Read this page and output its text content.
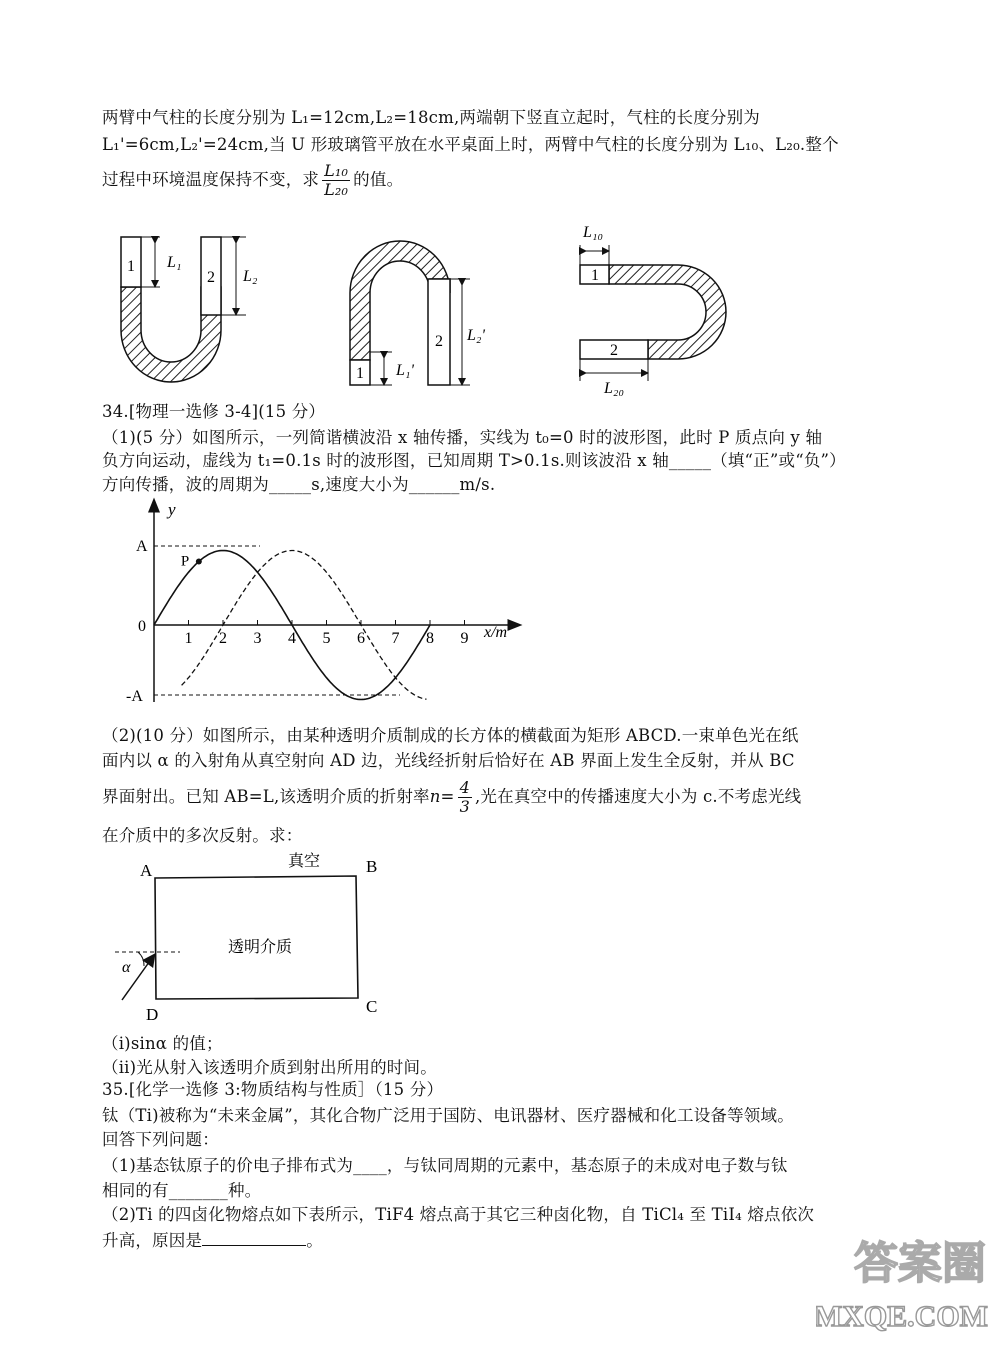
两臂中气柱的长度分别为 L₁=12cm,L₂=18cm,两端朝下竖直立起时，气柱的长度分别为
L₁'=6cm,L₂'=24cm,当 U 形玻璃管平放在水平桌面上时，两臂中气柱的长度分别为 L₁₀、L₂₀.整个
过程中环境温度保持不变，求 $\frac{\text{L₁₀}}{\text{L₂₀}}$ 的值。
1
2
L₁
L₂
1
2
L₁'
L₂'
1
2
L₁₀
L₂₀
34.[物理一选修 3-4](15 分）
（1)(5 分）如图所示，一列简谐横波沿 x 轴传播，实线为 t₀=0 时的波形图，此时 P 质点向 y 轴
负方向运动，虚线为 t₁=0.1s 时的波形图，已知周期 T>0.1s.则该波沿 x 轴_____（填“正”或“负”）
方向传播，波的周期为_____s,速度大小为______m/s.
y
x/m
A
-A
0
1 2 3 4 5 6 7 8 9
P
（2)(10 分）如图所示，由某种透明介质制成的长方体的横截面为矩形 ABCD.一束单色光在纸
面内以 α 的入射角从真空射向 AD 边，光线经折射后恰好在 AB 界面上发生全反射，并从 BC
界面射出。已知 AB=L,该透明介质的折射率$n= \frac{4}{3}$ ,光在真空中的传播速度大小为 c.不考虑光线
在介质中的多次反射。求：
A	B
C
D
真空
透明介质
α
（i)sinα 的值；
（ii)光从射入该透明介质到射出所用的时间。
35.[化学一选修 3:物质结构与性质］（15 分）
钛（Ti)被称为“未来金属”，其化合物广泛用于国防、电讯器材、医疗器械和化工设备等领域。
回答下列问题：
（1)基态钛原子的价电子排布式为____，与钛同周期的元素中，基态原子的未成对电子数与钛
相同的有_______种。
（2)Ti 的四卤化物熔点如下表所示，TiF4 熔点高于其它三种卤化物，自 TiCl₄ 至 TiI₄ 熔点依次
升高，原因是	。	答案圈
MXQE.COM
